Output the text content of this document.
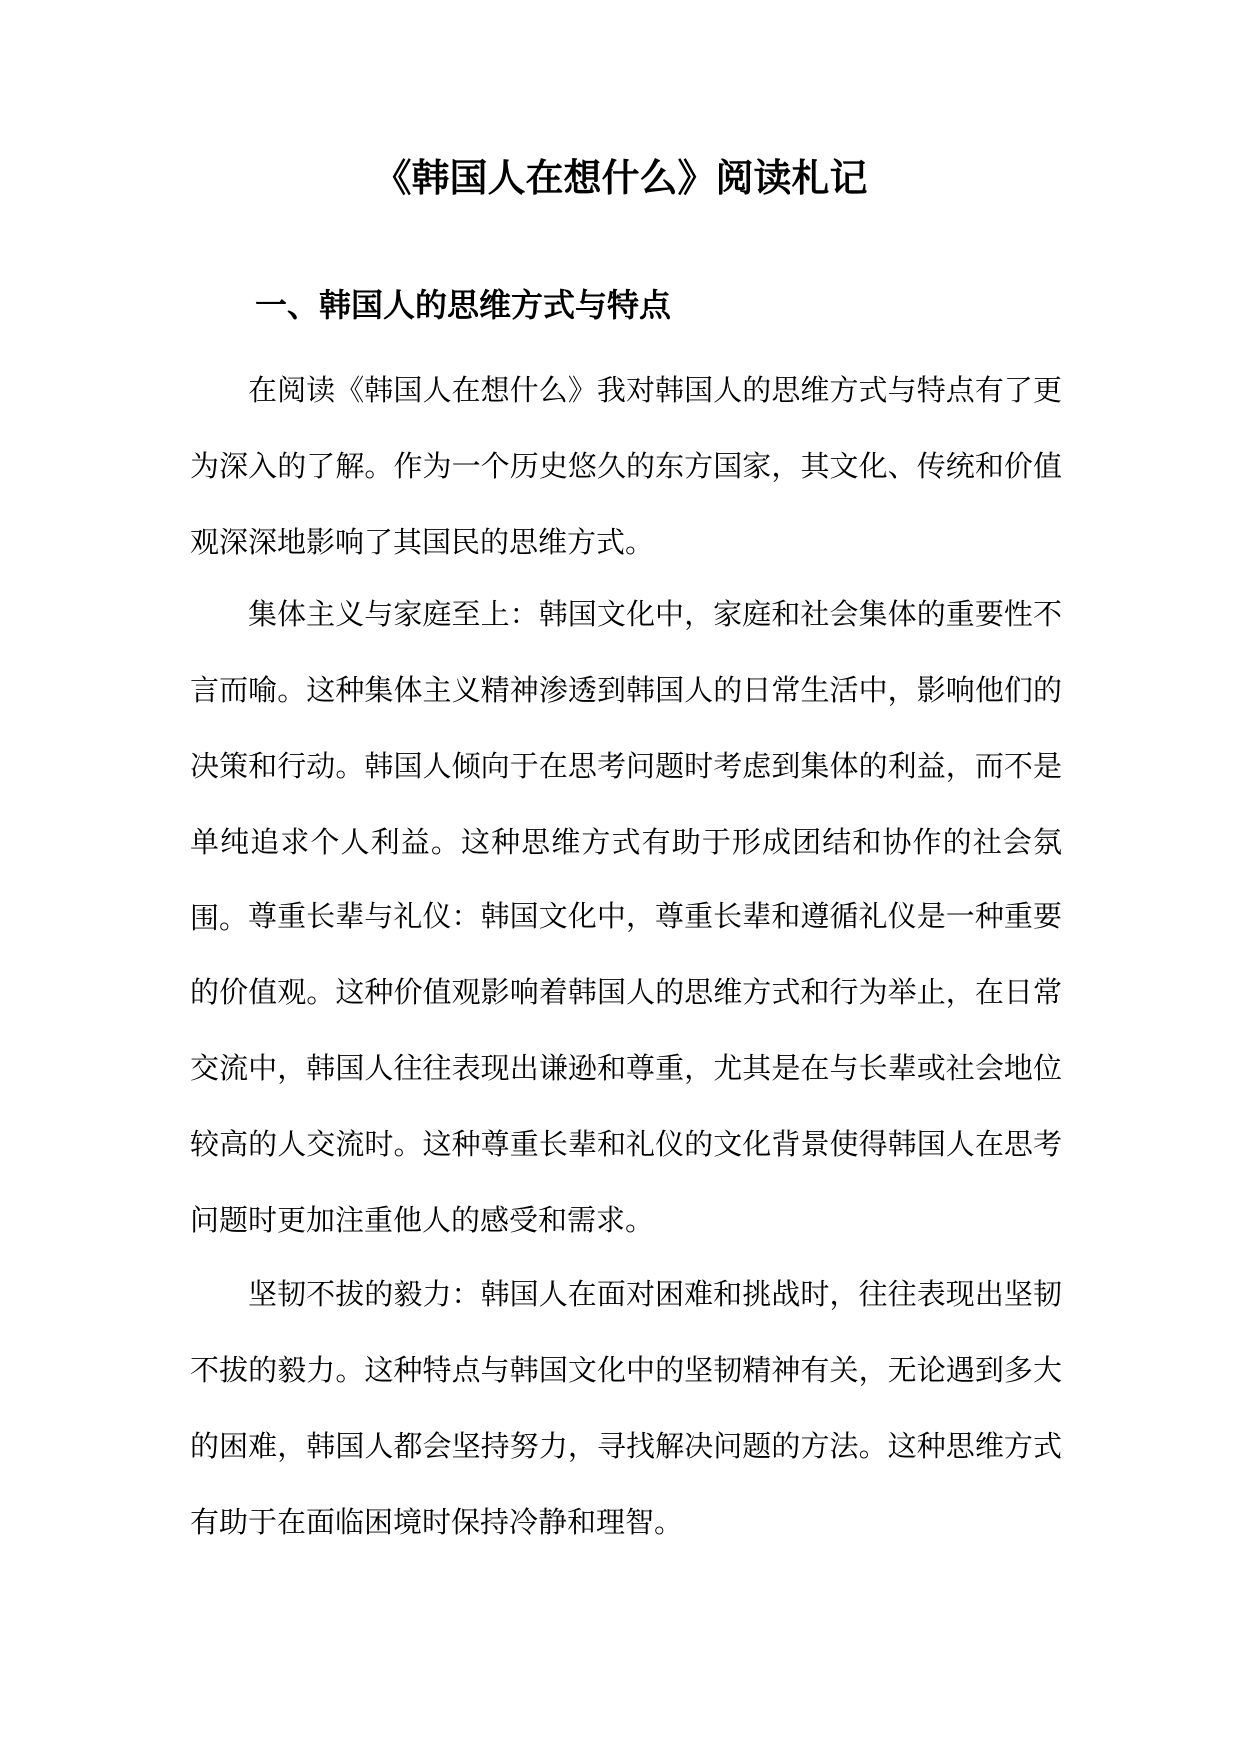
《韩国人在想什么》阅读札记
一、韩国人的思维方式与特点

在阅读《韩国人在想什么》我对韩国人的思维方式与特点有了更为深入的了解。作为一个历史悠久的东方国家，其文化、传统和价值观深深地影响了其国民的思维方式。

集体主义与家庭至上：韩国文化中，家庭和社会集体的重要性不言而喻。这种集体主义精神渗透到韩国人的日常生活中，影响他们的决策和行动。韩国人倾向于在思考问题时考虑到集体的利益，而不是单纯追求个人利益。这种思维方式有助于形成团结和协作的社会氛围。 尊重长辈与礼仪：韩国文化中，尊重长辈和遵循礼仪是一种重要的价值观。这种价值观影响着韩国人的思维方式和行为举止，在日常交流中，韩国人往往表现出谦逊和尊重，尤其是在与长辈或社会地位较高的人交流时。这种尊重长辈和礼仪的文化背景使得韩国人在思考问题时更加注重他人的感受和需求。

坚韧不拔的毅力：韩国人在面对困难和挑战时，往往表现出坚韧不拔的毅力。这种特点与韩国文化中的坚韧精神有关，无论遇到多大的困难，韩国人都会坚持努力，寻找解决问题的方法。这种思维方式有助于在面临困境时保持冷静和理智。
